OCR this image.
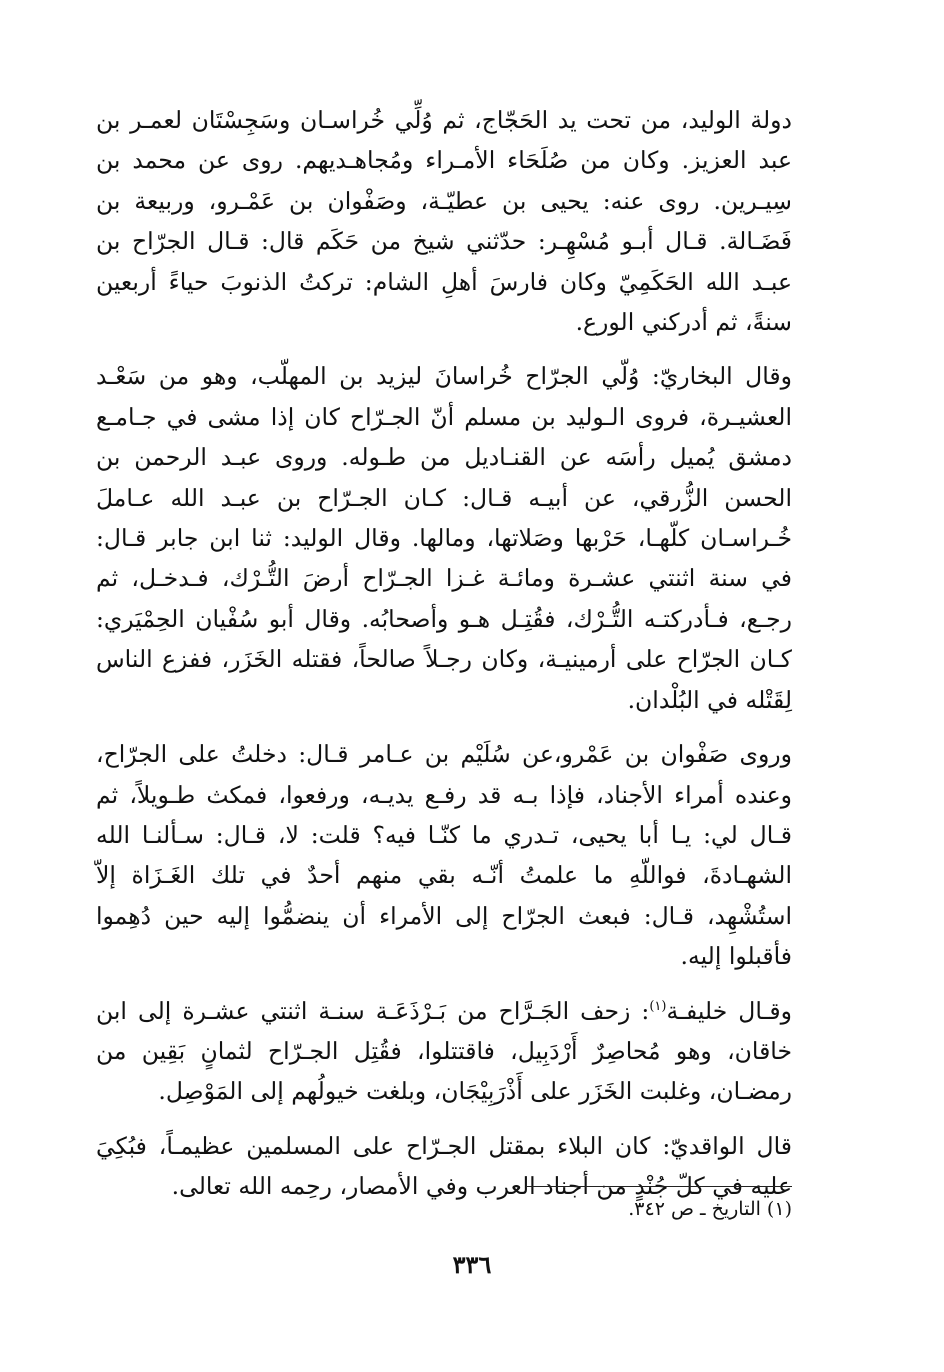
دولة الوليد، من تحت يد الحَجّاج، ثم وُلِّي خُراسـان وسَجِسْتَان لعمـر بن عبد العزيز. وكان من صُلَحَاء الأمـراء ومُجاهـديهم. روى عن محمد بن سِيـرين. روى عنه: يحيى بن عطيّـة، وصَفْوان بن عَمْـرو، وربيعة بن فَضَـالة. قـال أبـو مُسْهِـر: حدّثني شيخ من حَكَم قال: قـال الجرّاح بن عبـد الله الحَكَمِيّ وكان فارسَ أهلِ الشام: تركتُ الذنوبَ حياءً أربعين سنةً، ثم أدركني الورع.

وقال البخاريّ: وُلّي الجرّاح خُراسانَ ليزيد بن المهلّب، وهو من سَعْـد العشيـرة، فروى الـوليد بن مسلم أنّ الجـرّاح كان إذا مشى في جـامـع دمشق يُميل رأسَه عن القنـاديل من طـوله. وروى عبـد الرحمن بن الحسن الزُّرقي، عن أبيـه قـال: كـان الجـرّاح بن عبـد الله عـاملَ خُـراسـان كلّهـا، حَرْبها وصَلاتها، ومالها. وقال الوليد: ثنا ابن جابر قـال: في سنة اثنتي عشـرة ومائـة غـزا الجـرّاح أرضَ التُّـرْك، فـدخـل، ثم رجـع، فـأدركتـه التُّـرْك، فقُتِـل هـو وأصحابُه. وقال أبو سُفْيان الحِمْيَري: كـان الجرّاح على أرمينيـة، وكان رجـلاً صالحاً، فقتله الخَزَر، ففزع الناس لِقَتْله في البُلْدان.

وروى صَفْوان بن عَمْرو،عن سُلَيْم بن عـامر قـال: دخلتُ على الجرّاح، وعنده أمراء الأجناد، فإذا بـه قد رفـع يديـه، ورفعوا، فمكث طـويلاً، ثم قـال لي: يـا أبا يحيى، تـدري ما كنّـا فيه؟ قلت: لا، قـال: سـألنـا الله الشهـادةَ، فواللّهِ ما علمتُ أنّـه بقي منهم أحدٌ في تلك الغَـزَاة إلاّ استُشْهِد، قـال: فبعث الجرّاح إلى الأمراء أن ينضمُّوا إليه حين دُهِموا فأقبلوا إليه.

وقـال خليفـة$^{(١)}$: زحف الجَـرَّاح من بَـرْذَعَـة سنـة اثنتي عشـرة إلى ابن خاقان، وهو مُحاصِرٌ أَرْدَبِيل، فاقتتلوا، فقُتِل الجـرّاح لثمانٍ بَقِين من رمضـان، وغلبت الخَزَر على أَذْرَبِيْجَان، وبلغت خيولُهم إلى المَوْصِل.

قال الواقديّ: كان البلاء بمقتل الجـرّاح على المسلمين عظيمـاً، فبُكِيَ عليه في كلّ جُنْدٍ من أجناد العرب وفي الأمصار، رحِمه الله تعالى.

(١) التاريخ ـ ص ٣٤٢.
٣٣٦
